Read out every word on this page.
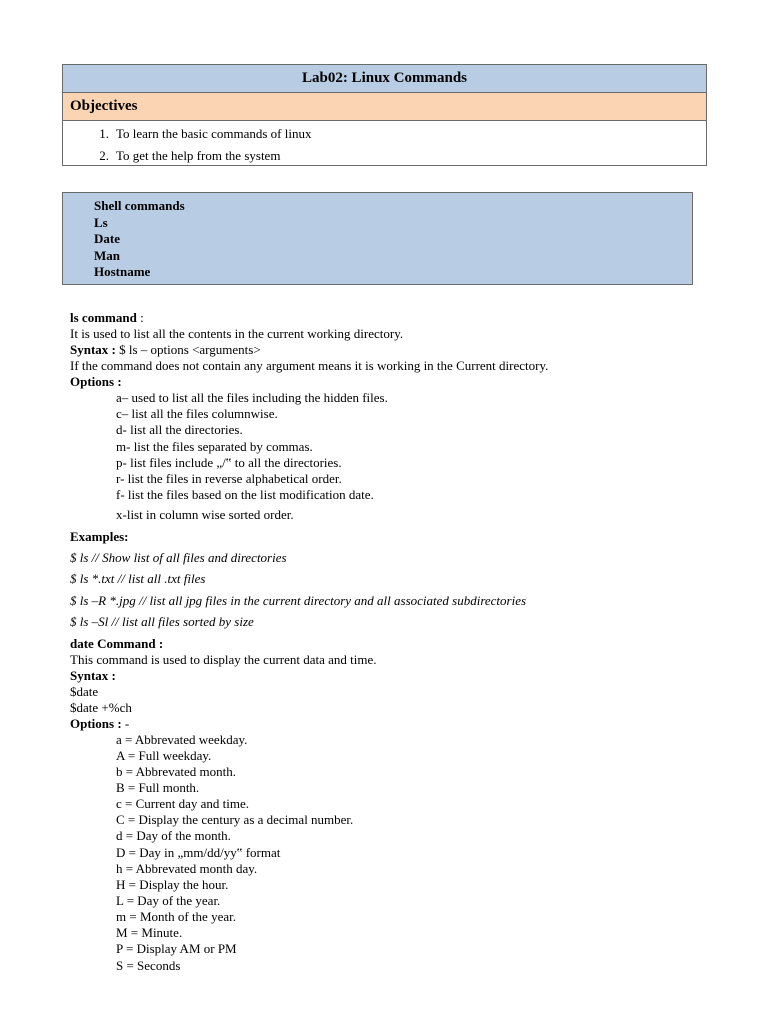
Lab02: Linux Commands
Objectives
1. To learn the basic commands of linux
2. To get the help from the system
Shell commands
Ls
Date
Man
Hostname
ls command :
It is used to list all the contents in the current working directory.
Syntax : $ ls – options <arguments>
If the command does not contain any argument means it is working in the Current directory.
Options :
a– used to list all the files including the hidden files.
c– list all the files columnwise.
d- list all the directories.
m- list the files separated by commas.
p- list files include „/‟ to all the directories.
r- list the files in reverse alphabetical order.
f- list the files based on the list modification date.
x-list in column wise sorted order.
Examples:
$ ls // Show list of all files and directories
$ ls *.txt // list all .txt files
$ ls –R *.jpg // list all jpg files in the current directory and all associated subdirectories
$ ls –Sl // list all files sorted by size
date Command :
This command is used to display the current data and time.
Syntax :
$date
$date +%ch
Options : -
a = Abbrevated weekday.
A = Full weekday.
b = Abbrevated month.
B = Full month.
c = Current day and time.
C = Display the century as a decimal number.
d = Day of the month.
D = Day in „mm/dd/yy‟ format
h = Abbrevated month day.
H = Display the hour.
L = Day of the year.
m = Month of the year.
M = Minute.
P = Display AM or PM
S = Seconds
